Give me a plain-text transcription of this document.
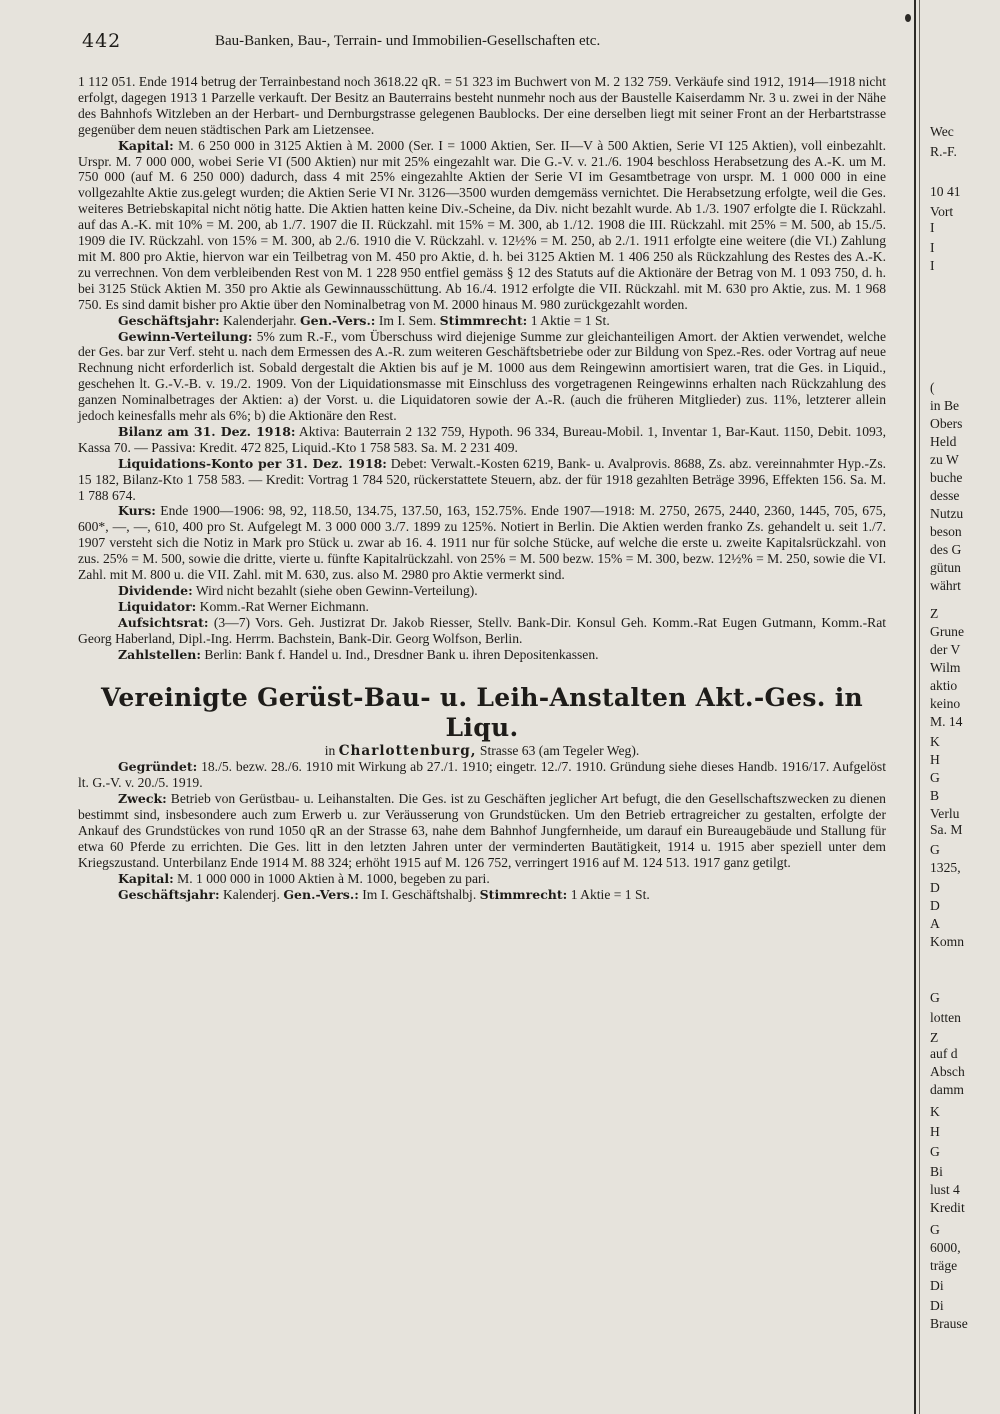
442	Bau-Banken, Bau-, Terrain- und Immobilien-Gesellschaften etc.

1 112 051. Ende 1914 betrug der Terrainbestand noch 3618.22 qR. = 51 323 im Buchwert von M. 2 132 759. Verkäufe sind 1912, 1914—1918 nicht erfolgt, dagegen 1913 1 Parzelle verkauft. Der Besitz an Bauterrains besteht nunmehr noch aus der Baustelle Kaiserdamm Nr. 3 u. zwei in der Nähe des Bahnhofs Witzleben an der Herbart- und Dernburgstrasse gelegenen Baublocks. Der eine derselben liegt mit seiner Front an der Herbartstrasse gegenüber dem neuen städtischen Park am Lietzensee.

Kapital: M. 6 250 000 in 3125 Aktien à M. 2000 (Ser. I = 1000 Aktien, Ser. II—V à 500 Aktien, Serie VI 125 Aktien), voll einbezahlt. Urspr. M. 7 000 000, wobei Serie VI (500 Aktien) nur mit 25% eingezahlt war. Die G.-V. v. 21./6. 1904 beschloss Herabsetzung des A.-K. um M. 750 000 (auf M. 6 250 000) dadurch, dass 4 mit 25% eingezahlte Aktien der Serie VI im Gesamtbetrage von urspr. M. 1 000 000 in eine vollgezahlte Aktie zus.gelegt wurden; die Aktien Serie VI Nr. 3126—3500 wurden demgemäss vernichtet. Die Herabsetzung erfolgte, weil die Ges. weiteres Betriebskapital nicht nötig hatte. Die Aktien hatten keine Div.-Scheine, da Div. nicht bezahlt wurde. Ab 1./3. 1907 erfolgte die I. Rückzahl. auf das A.-K. mit 10% = M. 200, ab 1./7. 1907 die II. Rückzahl. mit 15% = M. 300, ab 1./12. 1908 die III. Rückzahl. mit 25% = M. 500, ab 15./5. 1909 die IV. Rückzahl. von 15% = M. 300, ab 2./6. 1910 die V. Rückzahl. v. 12½% = M. 250, ab 2./1. 1911 erfolgte eine weitere (die VI.) Zahlung mit M. 800 pro Aktie, hiervon war ein Teilbetrag von M. 450 pro Aktie, d. h. bei 3125 Aktien M. 1 406 250 als Rückzahlung des Restes des A.-K. zu verrechnen. Von dem verbleibenden Rest von M. 1 228 950 entfiel gemäss § 12 des Statuts auf die Aktionäre der Betrag von M. 1 093 750, d. h. bei 3125 Stück Aktien M. 350 pro Aktie als Gewinnausschüttung. Ab 16./4. 1912 erfolgte die VII. Rückzahl. mit M. 630 pro Aktie, zus. M. 1 968 750. Es sind damit bisher pro Aktie über den Nominalbetrag von M. 2000 hinaus M. 980 zurückgezahlt worden.

Geschäftsjahr: Kalenderjahr. Gen.-Vers.: Im I. Sem. Stimmrecht: 1 Aktie = 1 St.

Gewinn-Verteilung: 5% zum R.-F., vom Überschuss wird diejenige Summe zur gleichanteiligen Amort. der Aktien verwendet, welche der Ges. bar zur Verf. steht u. nach dem Ermessen des A.-R. zum weiteren Geschäftsbetriebe oder zur Bildung von Spez.-Res. oder Vortrag auf neue Rechnung nicht erforderlich ist. Sobald dergestalt die Aktien bis auf je M. 1000 aus dem Reingewinn amortisiert waren, trat die Ges. in Liquid., geschehen lt. G.-V.-B. v. 19./2. 1909. Von der Liquidationsmasse mit Einschluss des vorgetragenen Reingewinns erhalten nach Rückzahlung des ganzen Nominalbetrages der Aktien: a) der Vorst. u. die Liquidatoren sowie der A.-R. (auch die früheren Mitglieder) zus. 11%, letzterer allein jedoch keinesfalls mehr als 6%; b) die Aktionäre den Rest.

Bilanz am 31. Dez. 1918: Aktiva: Bauterrain 2 132 759, Hypoth. 96 334, Bureau-Mobil. 1, Inventar 1, Bar-Kaut. 1150, Debit. 1093, Kassa 70. — Passiva: Kredit. 472 825, Liquid.-Kto 1 758 583. Sa. M. 2 231 409.

Liquidations-Konto per 31. Dez. 1918: Debet: Verwalt.-Kosten 6219, Bank- u. Avalprovis. 8688, Zs. abz. vereinnahmter Hyp.-Zs. 15 182, Bilanz-Kto 1 758 583. — Kredit: Vortrag 1 784 520, rückerstattete Steuern, abz. der für 1918 gezahlten Beträge 3996, Effekten 156. Sa. M. 1 788 674.

Kurs: Ende 1900—1906: 98, 92, 118.50, 134.75, 137.50, 163, 152.75%. Ende 1907—1918: M. 2750, 2675, 2440, 2360, 1445, 705, 675, 600*, —, —, 610, 400 pro St. Aufgelegt M. 3 000 000 3./7. 1899 zu 125%. Notiert in Berlin. Die Aktien werden franko Zs. gehandelt u. seit 1./7. 1907 versteht sich die Notiz in Mark pro Stück u. zwar ab 16. 4. 1911 nur für solche Stücke, auf welche die erste u. zweite Kapitalsrückzahl. von zus. 25% = M. 500, sowie die dritte, vierte u. fünfte Kapitalrückzahl. von 25% = M. 500 bezw. 15% = M. 300, bezw. 12½% = M. 250, sowie die VI. Zahl. mit M. 800 u. die VII. Zahl. mit M. 630, zus. also M. 2980 pro Aktie vermerkt sind.

Dividende: Wird nicht bezahlt (siehe oben Gewinn-Verteilung).

Liquidator: Komm.-Rat Werner Eichmann.

Aufsichtsrat: (3—7) Vors. Geh. Justizrat Dr. Jakob Riesser, Stellv. Bank-Dir. Konsul Geh. Komm.-Rat Eugen Gutmann, Komm.-Rat Georg Haberland, Dipl.-Ing. Herrm. Bachstein, Bank-Dir. Georg Wolfson, Berlin.

Zahlstellen: Berlin: Bank f. Handel u. Ind., Dresdner Bank u. ihren Depositenkassen.

Vereinigte Gerüst-Bau- u. Leih-Anstalten Akt.-Ges. in Liqu.

in Charlottenburg, Strasse 63 (am Tegeler Weg).

Gegründet: 18./5. bezw. 28./6. 1910 mit Wirkung ab 27./1. 1910; eingetr. 12./7. 1910. Gründung siehe dieses Handb. 1916/17. Aufgelöst lt. G.-V. v. 20./5. 1919.

Zweck: Betrieb von Gerüstbau- u. Leihanstalten. Die Ges. ist zu Geschäften jeglicher Art befugt, die den Gesellschaftszwecken zu dienen bestimmt sind, insbesondere auch zum Erwerb u. zur Veräusserung von Grundstücken. Um den Betrieb ertragreicher zu gestalten, erfolgte der Ankauf des Grundstückes von rund 1050 qR an der Strasse 63, nahe dem Bahnhof Jungfernheide, um darauf ein Bureaugebäude und Stallung für etwa 60 Pferde zu errichten. Die Ges. litt in den letzten Jahren unter der verminderten Bautätigkeit, 1914 u. 1915 aber speziell unter dem Kriegszustand. Unterbilanz Ende 1914 M. 88 324; erhöht 1915 auf M. 126 752, verringert 1916 auf M. 124 513. 1917 ganz getilgt.

Kapital: M. 1 000 000 in 1000 Aktien à M. 1000, begeben zu pari.

Geschäftsjahr: Kalenderj. Gen.-Vers.: Im I. Geschäftshalbj. Stimmrecht: 1 Aktie = 1 St.

Wec
R.-F.
10 41
Vort
I
I
I
(
in Be
Obers
Held
zu W
buche
desse
Nutzu
beson
des G
gütun
währt
Z
Grune
der V
Wilm
aktio
keino
M. 14
K
H
G
B
Verlu
Sa. M
G
1325,
D
D
A
Komn
G
lotten
Z
auf d
Absch
damm
K
H
G
Bi
lust 4
Kredit
G
6000,
träge
Di
Di
Brause
